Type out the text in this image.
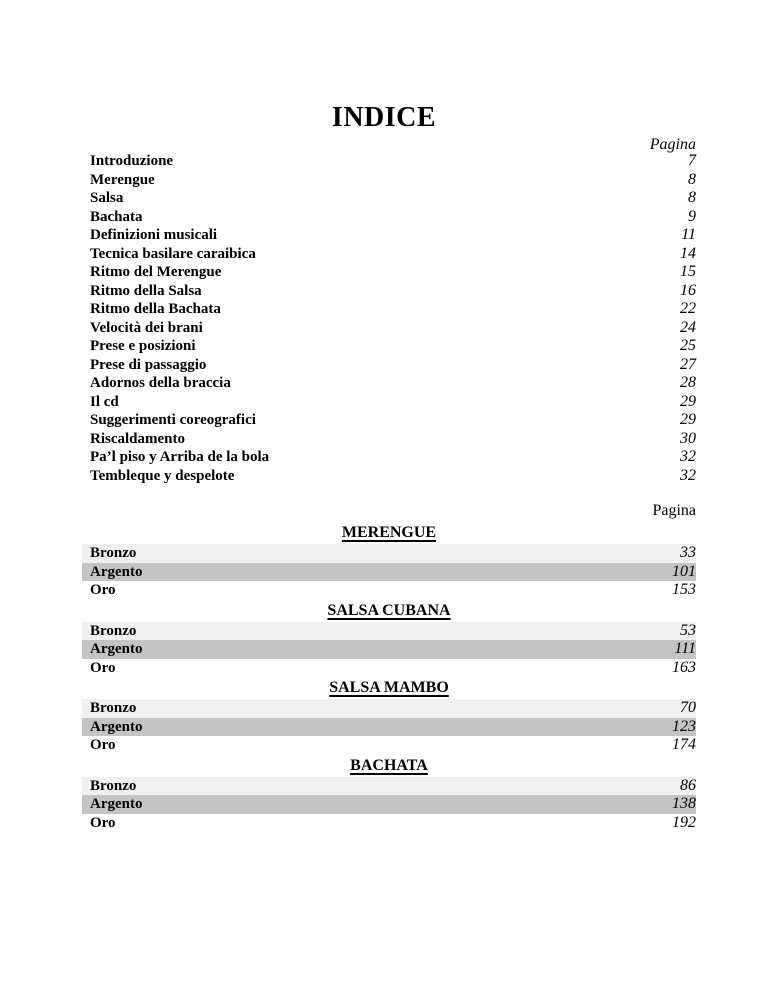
INDICE
Pagina
Introduzione	7
Merengue	8
Salsa	8
Bachata	9
Definizioni musicali	11
Tecnica basilare caraibica	14
Ritmo del Merengue	15
Ritmo della Salsa	16
Ritmo della Bachata	22
Velocità dei brani	24
Prese e posizioni	25
Prese di passaggio	27
Adornos della braccia	28
Il cd	29
Suggerimenti coreografici	29
Riscaldamento	30
Pa’l piso y Arriba de la bola	32
Tembleque y despelote	32
Pagina
MERENGUE
Bronzo	33
Argento	101
Oro	153
SALSA CUBANA
Bronzo	53
Argento	111
Oro	163
SALSA MAMBO
Bronzo	70
Argento	123
Oro	174
BACHATA
Bronzo	86
Argento	138
Oro	192
